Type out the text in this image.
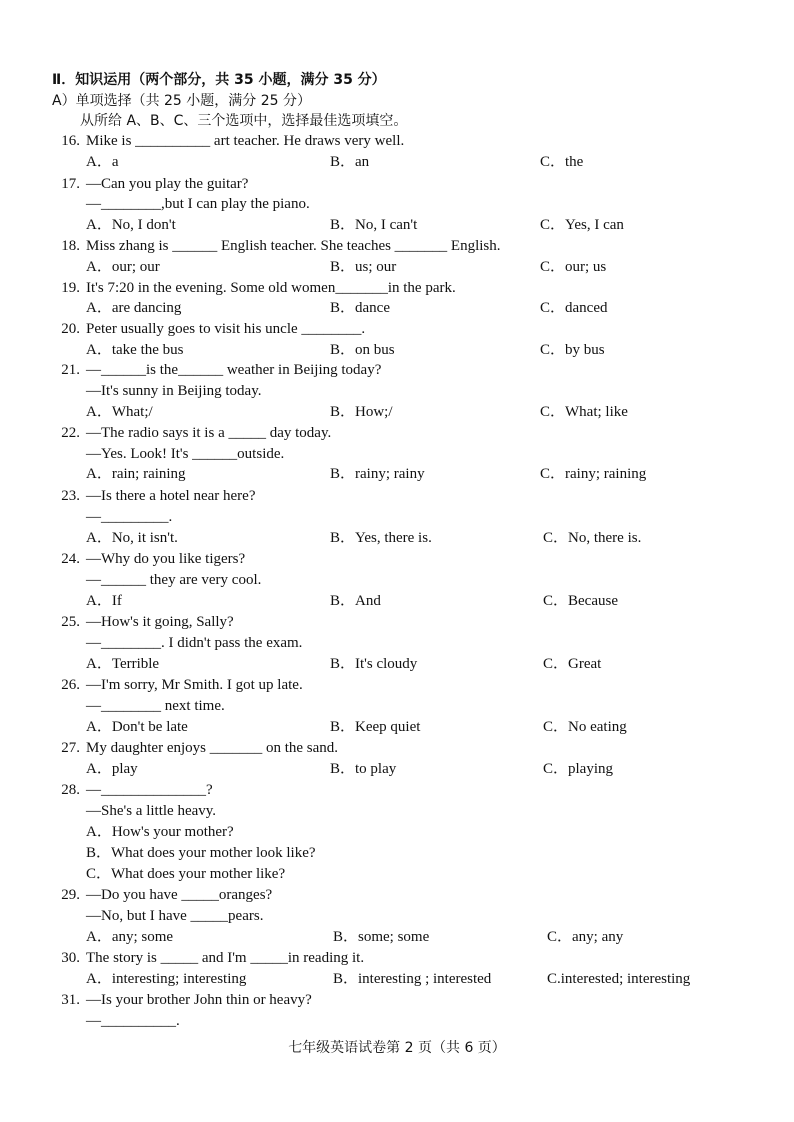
Ⅱ．知识运用（两个部分，共 35 小题，满分 35 分）
A）单项选择（共 25 小题，满分 25 分）
从所给 A、B、C、三个选项中，选择最佳选项填空。
16. Mike is __________ art teacher. He draws very well.
A．a	B．an	C．the
17. —Can you play the guitar?
—________,but I can play the piano.
A．No, I don't	B．No, I can't	C．Yes, I can
18. Miss zhang is ______ English teacher. She teaches _______ English.
A．our; our	B．us; our	C．our; us
19. It's 7:20 in the evening. Some old women_______in the park.
A．are dancing	B．dance	C．danced
20. Peter usually goes to visit his uncle ________.
A．take the bus	B．on bus	C．by bus
21. —______is the______ weather in Beijing today?
—It's sunny in Beijing today.
A．What;/	B．How;/	C．What; like
22. —The radio says it is a _____ day today.
—Yes. Look! It's ______outside.
A．rain; raining	B．rainy; rainy	C．rainy; raining
23. —Is there a hotel near here?
—_________.
A．No, it isn't.	B．Yes, there is.	C．No, there is.
24. —Why do you like tigers?
—______ they are very cool.
A．If	B．And	C．Because
25. —How's it going, Sally?
—________. I didn't pass the exam.
A．Terrible	B．It's cloudy	C．Great
26. —I'm sorry, Mr Smith. I got up late.
—________ next time.
A．Don't be late	B．Keep quiet	C．No eating
27. My daughter enjoys _______ on the sand.
A．play	B．to play	C．playing
28. —______________?
—She's a little heavy.
A．How's your mother?
B．What does your mother look like?
C．What does your mother like?
29. —Do you have _____oranges?
—No, but I have _____pears.
A．any; some	B．some; some	C．any; any
30. The story is _____ and I'm _____in reading it.
A．interesting; interesting	B．interesting ; interested	C.interested; interesting
31. —Is your brother John thin or heavy?
—__________.
七年级英语试卷第 2 页（共 6 页）
